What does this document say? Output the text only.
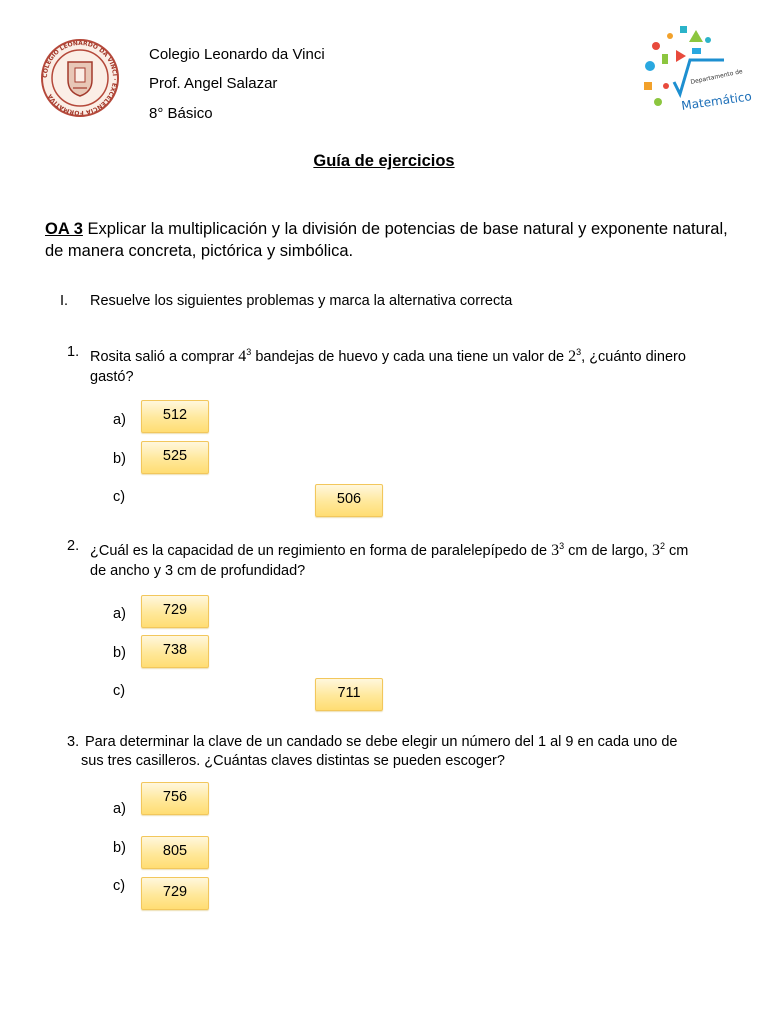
COLEGIO LEONARDO DA VINCI · EXCELENCIA FORMATIVA
Colegio Leonardo da Vinci
Prof. Angel Salazar
8° Básico
Departamento de
Matemático
Guía de ejercicios
OA 3 Explicar la multiplicación y la división de potencias de base natural y exponente natural, de manera concreta, pictórica y simbólica.
I. Resuelve los siguientes problemas y marca la alternativa correcta
1. Rosita salió a comprar $4^3$ bandejas de huevo y cada una tiene un valor de $2^3$, ¿cuánto dinero
gastó?
a)	512
b)	525
c)	506
2. ¿Cuál es la capacidad de un regimiento en forma de paralelepípedo de $3^3$ cm de largo, $3^2$ cm
de ancho y 3 cm de profundidad?
a)	729
b)	738
c)	711
3. Para determinar la clave de un candado se debe elegir un número del 1 al 9 en cada uno de
sus tres casilleros. ¿Cuántas claves distintas se pueden escoger?
a)
756
b)	805
c)	729
